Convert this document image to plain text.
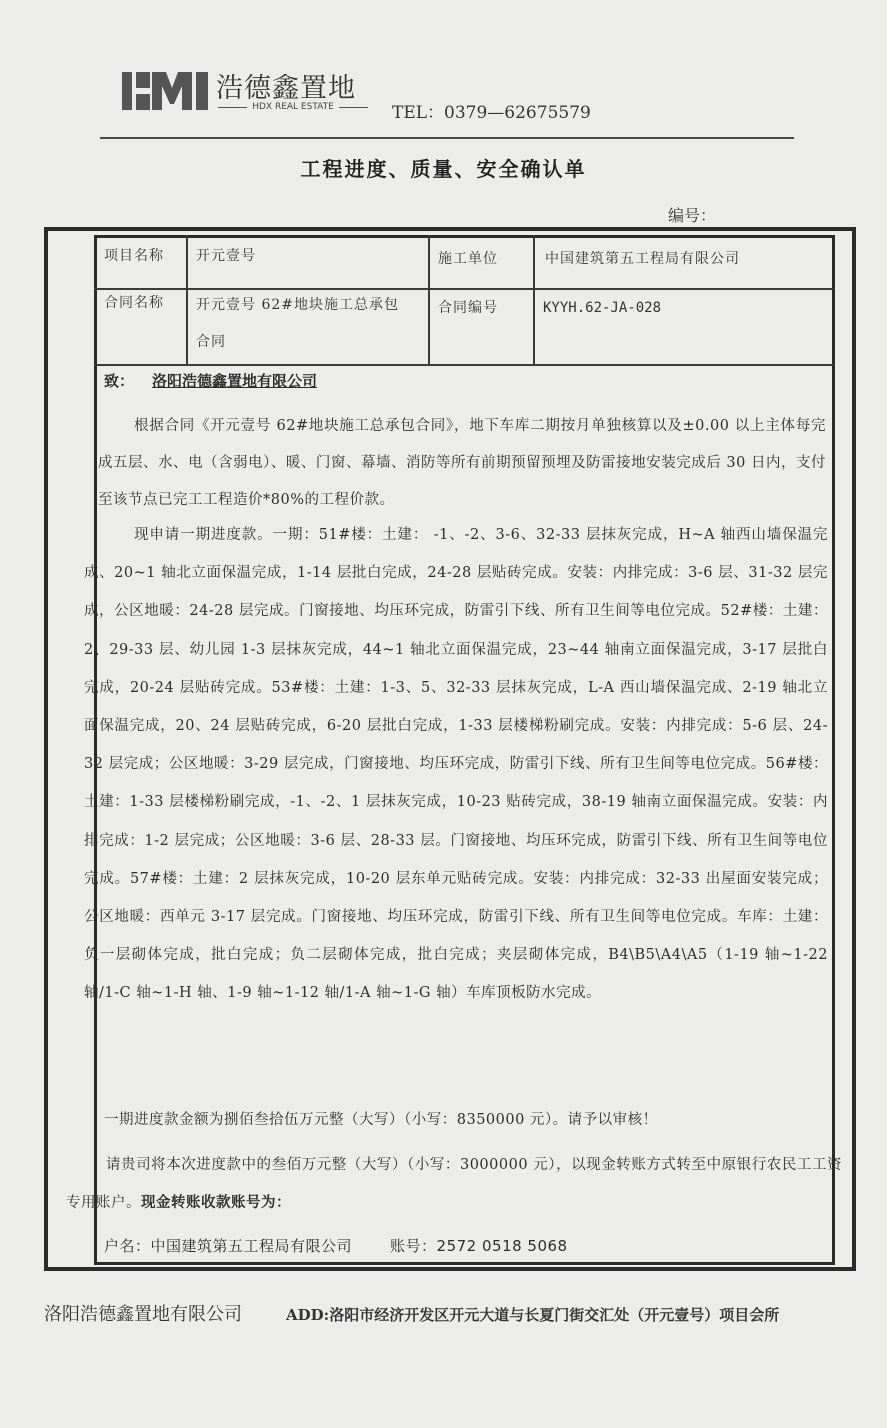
浩德鑫置地
HDX REAL ESTATE	TEL：0379—62675579
工程进度、质量、安全确认单
编号：
项目名称 开元壹号	施工单位	中国建筑第五工程局有限公司
合同名称 开元壹号 62#地块施工总承包
合同
合同编号	KYYH.62-JA-028
致： 洛阳浩德鑫置地有限公司
根据合同《开元壹号 62#地块施工总承包合同》，地下车库二期按月单独核算以及±0.00 以上主体每完成五层、水、电（含弱电）、暖、门窗、幕墙、消防等所有前期预留预埋及防雷接地安装完成后 30 日内，支付至该节点已完工工程造价*80%的工程价款。
现申请一期进度款。一期：51#楼：土建： -1、-2、3-6、32-33 层抹灰完成，H~A 轴西山墙保温完成、20~1 轴北立面保温完成，1-14 层批白完成，24-28 层贴砖完成。安装：内排完成：3-6 层、31-32 层完成，公区地暖：24-28 层完成。门窗接地、均压环完成，防雷引下线、所有卫生间等电位完成。52#楼：土建：2、29-33 层、幼儿园 1-3 层抹灰完成，44~1 轴北立面保温完成，23~44 轴南立面保温完成，3-17 层批白完成，20-24 层贴砖完成。53#楼：土建：1-3、5、32-33 层抹灰完成，L-A 西山墙保温完成、2-19 轴北立面保温完成，20、24 层贴砖完成，6-20 层批白完成，1-33 层楼梯粉刷完成。安装：内排完成：5-6 层、24-32 层完成；公区地暖：3-29 层完成，门窗接地、均压环完成，防雷引下线、所有卫生间等电位完成。56#楼：土建：1-33 层楼梯粉刷完成，-1、-2、1 层抹灰完成，10-23 贴砖完成，38-19 轴南立面保温完成。安装：内排完成：1-2 层完成；公区地暖：3-6 层、28-33 层。门窗接地、均压环完成，防雷引下线、所有卫生间等电位完成。57#楼：土建：2 层抹灰完成，10-20 层东单元贴砖完成。安装：内排完成：32-33 出屋面安装完成；公区地暖：西单元 3-17 层完成。门窗接地、均压环完成，防雷引下线、所有卫生间等电位完成。车库：土建：负一层砌体完成，批白完成；负二层砌体完成，批白完成；夹层砌体完成，B4\B5\A4\A5（1-19 轴~1-22 轴/1-C 轴~1-H 轴、1-9 轴~1-12 轴/1-A 轴~1-G 轴）车库顶板防水完成。
一期进度款金额为捌佰叁拾伍万元整（大写）（小写：8350000 元）。请予以审核！
请贵司将本次进度款中的叁佰万元整（大写）（小写：3000000 元），以现金转账方式转至中原银行农民工工资专用账户。现金转账收款账号为：
户名：中国建筑第五工程局有限公司	账号：2572 0518 5068
洛阳浩德鑫置地有限公司	ADD:洛阳市经济开发区开元大道与长夏门街交汇处（开元壹号）项目会所
